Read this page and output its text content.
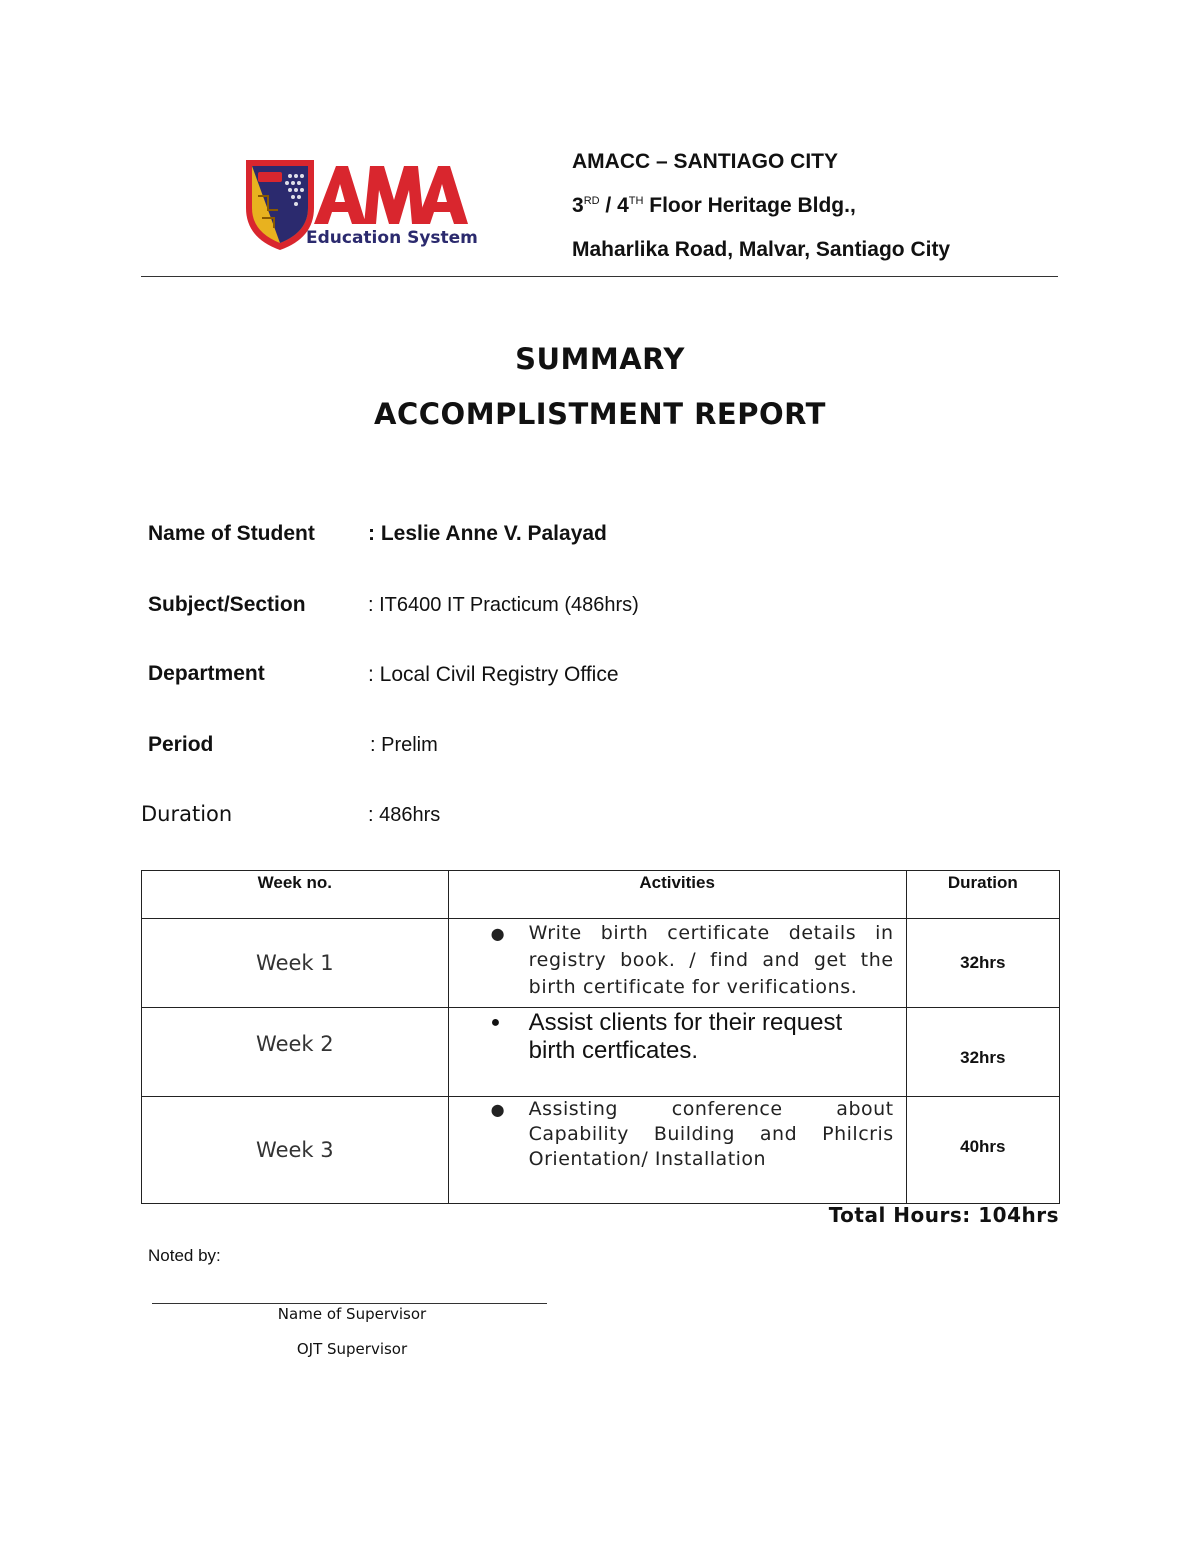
Education System
AMACC – SANTIAGO CITY
3RD / 4TH Floor Heritage Bldg.,
Maharlika Road, Malvar, Santiago City
SUMMARY
ACCOMPLISTMENT REPORT
Name of Student	: Leslie Anne V. Palayad
Subject/Section	: IT6400 IT Practicum (486hrs)
Department	: Local Civil Registry Office
Period	: Prelim
Duration	: 486hrs
Week no.	Activities	Duration
Week 1	● Write birth certificate details in registry book. / find and get the birth certificate for verifications.	32hrs
Week 2	● Assist clients for their request birth certficates.	32hrs
Week 3	● Assisting conference about Capability Building and Philcris Orientation/ Installation	40hrs
Total Hours: 104hrs
Noted by:
Name of Supervisor
OJT Supervisor
